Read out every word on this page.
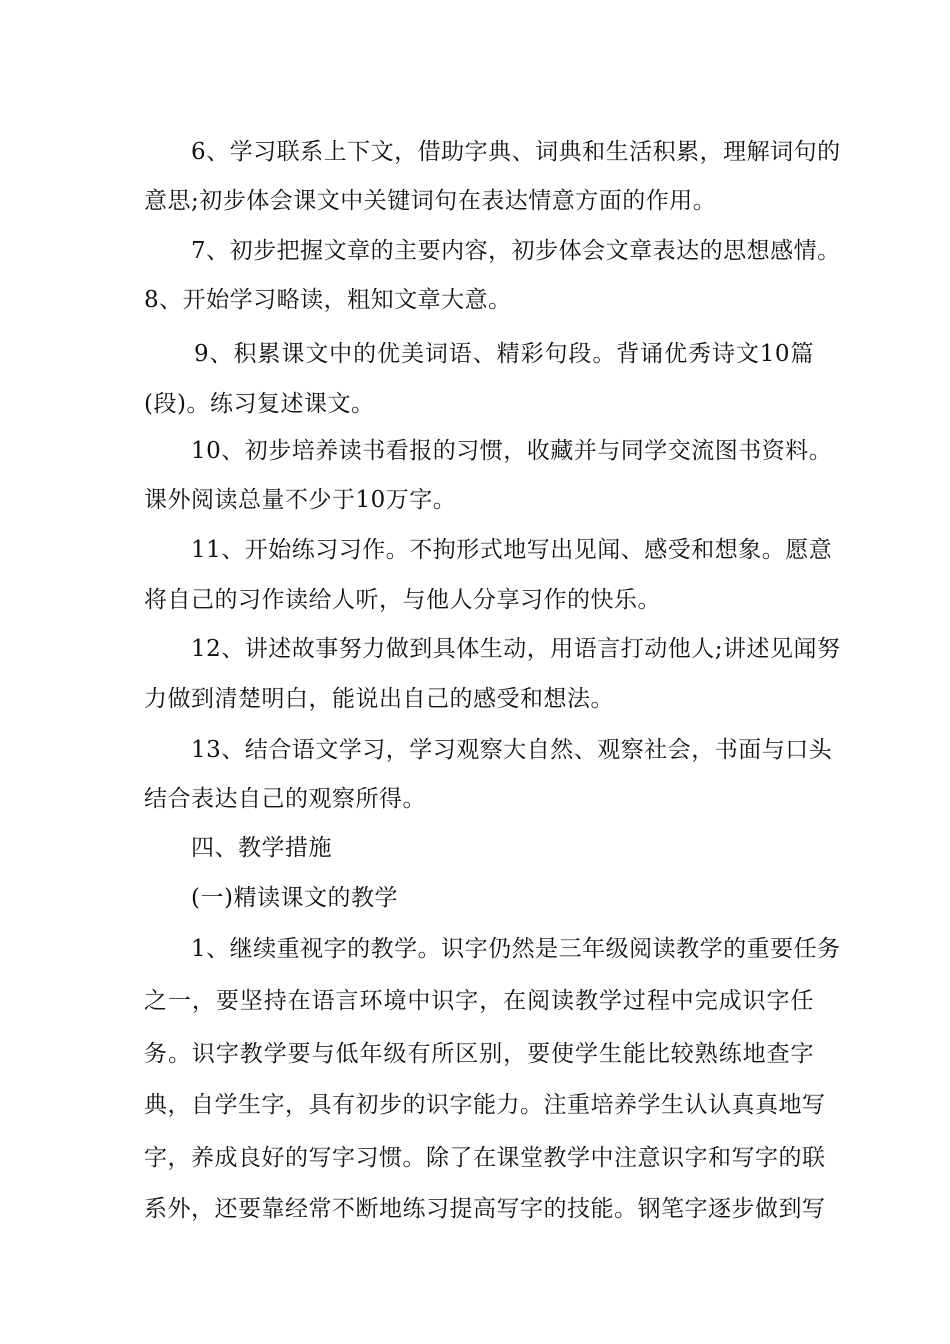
6、学习联系上下文，借助字典、词典和生活积累，理解词句的
意思;初步体会课文中关键词句在表达情意方面的作用。
7、初步把握文章的主要内容，初步体会文章表达的思想感情。
8、开始学习略读，粗知文章大意。
9、积累课文中的优美词语、精彩句段。背诵优秀诗文10篇
(段)。练习复述课文。
10、初步培养读书看报的习惯，收藏并与同学交流图书资料。
课外阅读总量不少于10万字。
11、开始练习习作。不拘形式地写出见闻、感受和想象。愿意
将自己的习作读给人听，与他人分享习作的快乐。
12、讲述故事努力做到具体生动，用语言打动他人;讲述见闻努
力做到清楚明白，能说出自己的感受和想法。
13、结合语文学习，学习观察大自然、观察社会，书面与口头
结合表达自己的观察所得。
四、教学措施
(一)精读课文的教学
1、继续重视字的教学。识字仍然是三年级阅读教学的重要任务
之一，要坚持在语言环境中识字，在阅读教学过程中完成识字任
务。识字教学要与低年级有所区别，要使学生能比较熟练地查字
典，自学生字，具有初步的识字能力。注重培养学生认认真真地写
字，养成良好的写字习惯。除了在课堂教学中注意识字和写字的联
系外，还要靠经常不断地练习提高写字的技能。钢笔字逐步做到写
